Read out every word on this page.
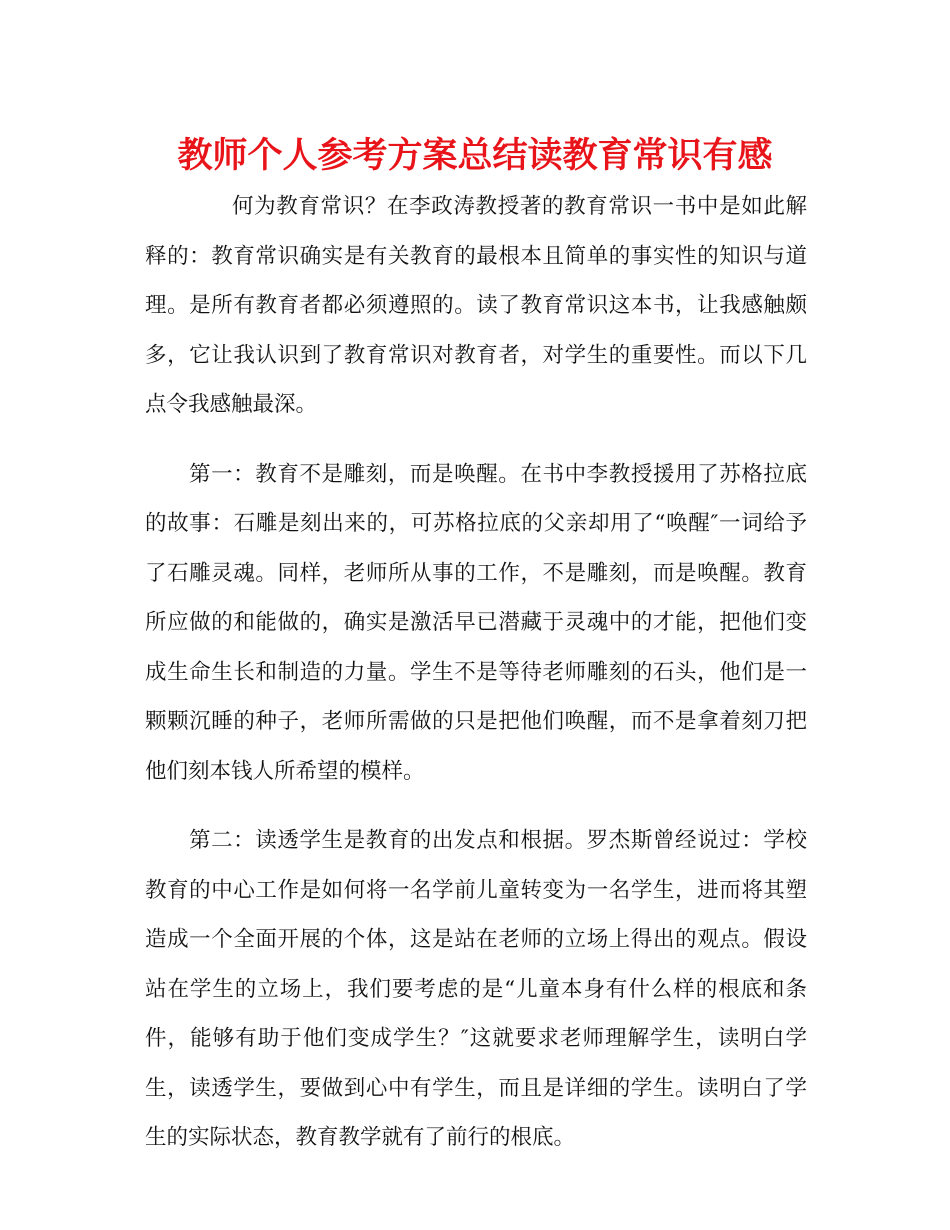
教师个人参考方案总结读教育常识有感

何为教育常识？在李政涛教授著的教育常识一书中是如此解释的：教育常识确实是有关教育的最根本且简单的事实性的知识与道理。是所有教育者都必须遵照的。读了教育常识这本书，让我感触颇多，它让我认识到了教育常识对教育者，对学生的重要性。而以下几点令我感触最深。

第一：教育不是雕刻，而是唤醒。在书中李教授援用了苏格拉底的故事：石雕是刻出来的，可苏格拉底的父亲却用了“唤醒″一词给予了石雕灵魂。同样，老师所从事的工作，不是雕刻，而是唤醒。教育所应做的和能做的，确实是激活早已潜藏于灵魂中的才能，把他们变成生命生长和制造的力量。学生不是等待老师雕刻的石头，他们是一颗颗沉睡的种子，老师所需做的只是把他们唤醒，而不是拿着刻刀把他们刻本钱人所希望的模样。

第二：读透学生是教育的出发点和根据。罗杰斯曾经说过：学校教育的中心工作是如何将一名学前儿童转变为一名学生，进而将其塑造成一个全面开展的个体，这是站在老师的立场上得出的观点。假设站在学生的立场上，我们要考虑的是“儿童本身有什么样的根底和条件，能够有助于他们变成学生？″这就要求老师理解学生，读明白学生，读透学生，要做到心中有学生，而且是详细的学生。读明白了学生的实际状态，教育教学就有了前行的根底。
